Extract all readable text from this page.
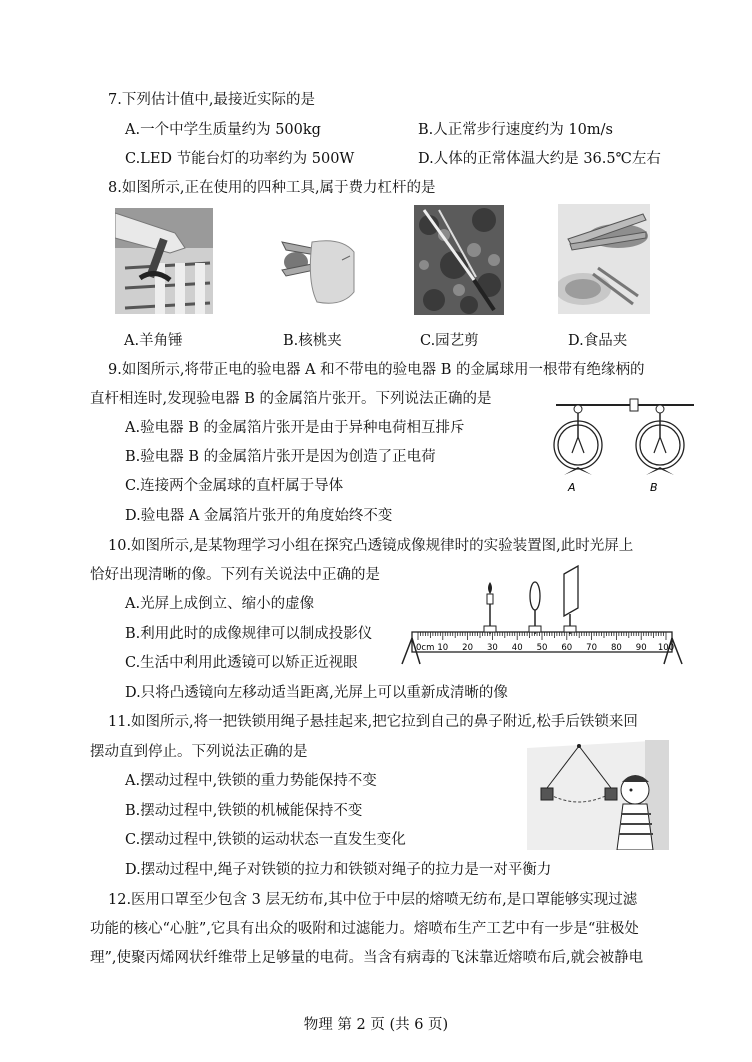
7.下列估计值中,最接近实际的是
A.一个中学生质量约为 500kg	B.人正常步行速度约为 10m/s
C.LED 节能台灯的功率约为 500W	D.人体的正常体温大约是 36.5℃左右
8.如图所示,正在使用的四种工具,属于费力杠杆的是
A.羊角锤	B.核桃夹	C.园艺剪	D.食品夹
9.如图所示,将带正电的验电器 A 和不带电的验电器 B 的金属球用一根带有绝缘柄的
直杆相连时,发现验电器 B 的金属箔片张开。下列说法正确的是
A.验电器 B 的金属箔片张开是由于异种电荷相互排斥
B.验电器 B 的金属箔片张开是因为创造了正电荷
C.连接两个金属球的直杆属于导体
D.验电器 A 金属箔片张开的角度始终不变
A	B
10.如图所示,是某物理学习小组在探究凸透镜成像规律时的实验装置图,此时光屏上
恰好出现清晰的像。下列有关说法中正确的是
A.光屏上成倒立、缩小的虚像
B.利用此时的成像规律可以制成投影仪
C.生活中利用此透镜可以矫正近视眼
D.只将凸透镜向左移动适当距离,光屏上可以重新成清晰的像
0cm 10 20 30 40 50 60 70 80 90 100
11.如图所示,将一把铁锁用绳子悬挂起来,把它拉到自己的鼻子附近,松手后铁锁来回
摆动直到停止。下列说法正确的是
A.摆动过程中,铁锁的重力势能保持不变
B.摆动过程中,铁锁的机械能保持不变
C.摆动过程中,铁锁的运动状态一直发生变化
D.摆动过程中,绳子对铁锁的拉力和铁锁对绳子的拉力是一对平衡力
12.医用口罩至少包含 3 层无纺布,其中位于中层的熔喷无纺布,是口罩能够实现过滤
功能的核心“心脏”,它具有出众的吸附和过滤能力。熔喷布生产工艺中有一步是“驻极处
理”,使聚丙烯网状纤维带上足够量的电荷。当含有病毒的飞沫靠近熔喷布后,就会被静电
物理 第 2 页 (共 6 页)
